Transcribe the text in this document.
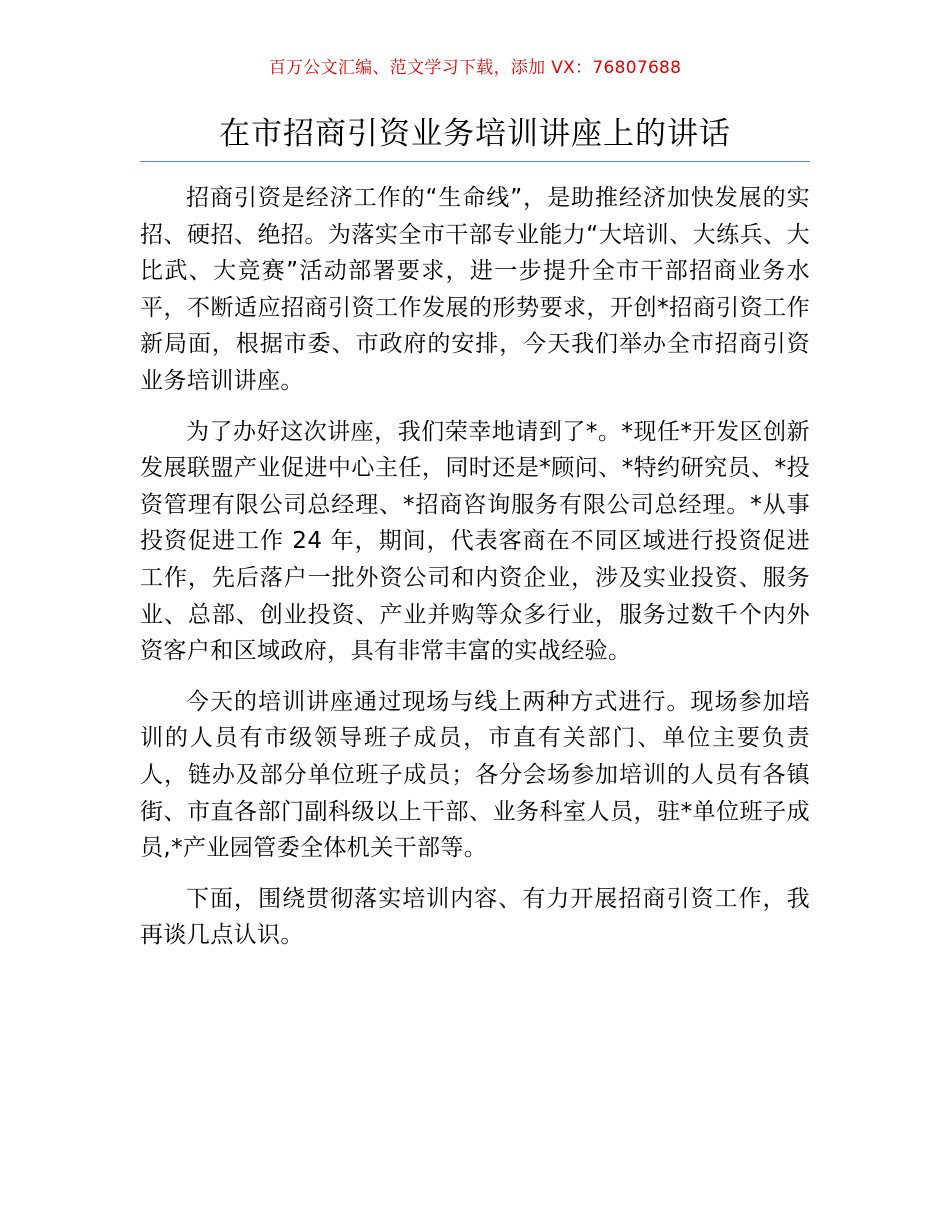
百万公文汇编、范文学习下载，添加 VX：76807688
在市招商引资业务培训讲座上的讲话

招商引资是经济工作的“生命线”，是助推经济加快发展的实招、硬招、绝招。为落实全市干部专业能力“大培训、大练兵、大比武、大竞赛”活动部署要求，进一步提升全市干部招商业务水平，不断适应招商引资工作发展的形势要求，开创*招商引资工作新局面，根据市委、市政府的安排，今天我们举办全市招商引资业务培训讲座。

为了办好这次讲座，我们荣幸地请到了*。*现任*开发区创新发展联盟产业促进中心主任，同时还是*顾问、*特约研究员、*投资管理有限公司总经理、*招商咨询服务有限公司总经理。*从事投资促进工作 24 年，期间，代表客商在不同区域进行投资促进工作，先后落户一批外资公司和内资企业，涉及实业投资、服务业、总部、创业投资、产业并购等众多行业，服务过数千个内外资客户和区域政府，具有非常丰富的实战经验。

今天的培训讲座通过现场与线上两种方式进行。现场参加培训的人员有市级领导班子成员，市直有关部门、单位主要负责人，链办及部分单位班子成员；各分会场参加培训的人员有各镇街、市直各部门副科级以上干部、业务科室人员，驻*单位班子成员,*产业园管委全体机关干部等。

下面，围绕贯彻落实培训内容、有力开展招商引资工作，我再谈几点认识。
